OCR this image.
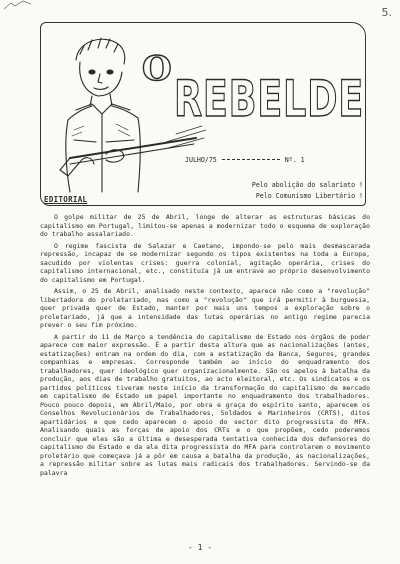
5.
O
REBELDE
JULHO/75	Nº. 1
Pelo abolição do salariato !
Pelo Comunismo Libertário !
EDITORIAL

O golpe militar de 25 de Abril, longe de alterar as estruturas básicas do capitalismo em Portugal, limitou-se apenas a modernizar todo o esquema de exploração do trabalho assalariado.

O regime fascista de Salazar e Caetano, impondo-se pelo mais desmascarada repressão, incapaz de se modernizar segundo os tipos existentes na toda a Europa, sacudido por violentas crises: guerra colonial, agitação operária, crises do capitalismo internacional, etc., constituía já um entrave ao próprio desenvolvimento do capitalismo em Portugal.

Assim, o 25 de Abril, analisado neste contexto, aparece não como a "revolução" libertadora do proletariado, mas como a "revolução" que irá permitir à burguesia, quer privada quer de Estado, manter por mais uns tempos a exploração sobre o proletariado, já que a intensidade das lutas operárias no antigo regime parecia prever o seu fim próximo.

A partir do 11 de Março a tendência do capitalismo de Estado nos órgãos de poder aparece com maior expressão. É a partir desta altura que as nacionalizações (antes, estatizações) entram na ordem do dia, com a estatização da Banca, Seguros, grandes companhias e empresas. Corresponde também ao início do enquadramento dos trabalhadores, quer ideológico quer organizacionalmente. São os apelos à batalha da produção, aos dias de trabalho gratuitos, ao acto eleitoral, etc. Os sindicatos e os partidos políticos tiveram neste início da transformação do capitalismo de mercado em capitalismo de Estado um papel importante no enquadramento dos trabalhadores. Pouco pouco depois, em Abril/Maio, por obra e graça do espírito santo, aparecem os Conselhos Revolucionários de Trabalhadores, Soldados e Marinheiros (CRTS), ditos apartidários e que cedo aparecem o apoio do sector dito progressista do MFA. Analisando quais as forças de apoio dos CRTs e o que propõem, cedo poderemos concluir que eles são a última e desesperada tentativa conhecida dos defensores do capitalismo de Estado e da ala dita progressista do MFA para controlarem o movimento proletário que começava já a pôr em causa a batalha da produção, as nacionalizações, a repressão militar sobre as lutas mais radicais dos trabalhadores. Servindo-se da palavra

- 1 -
